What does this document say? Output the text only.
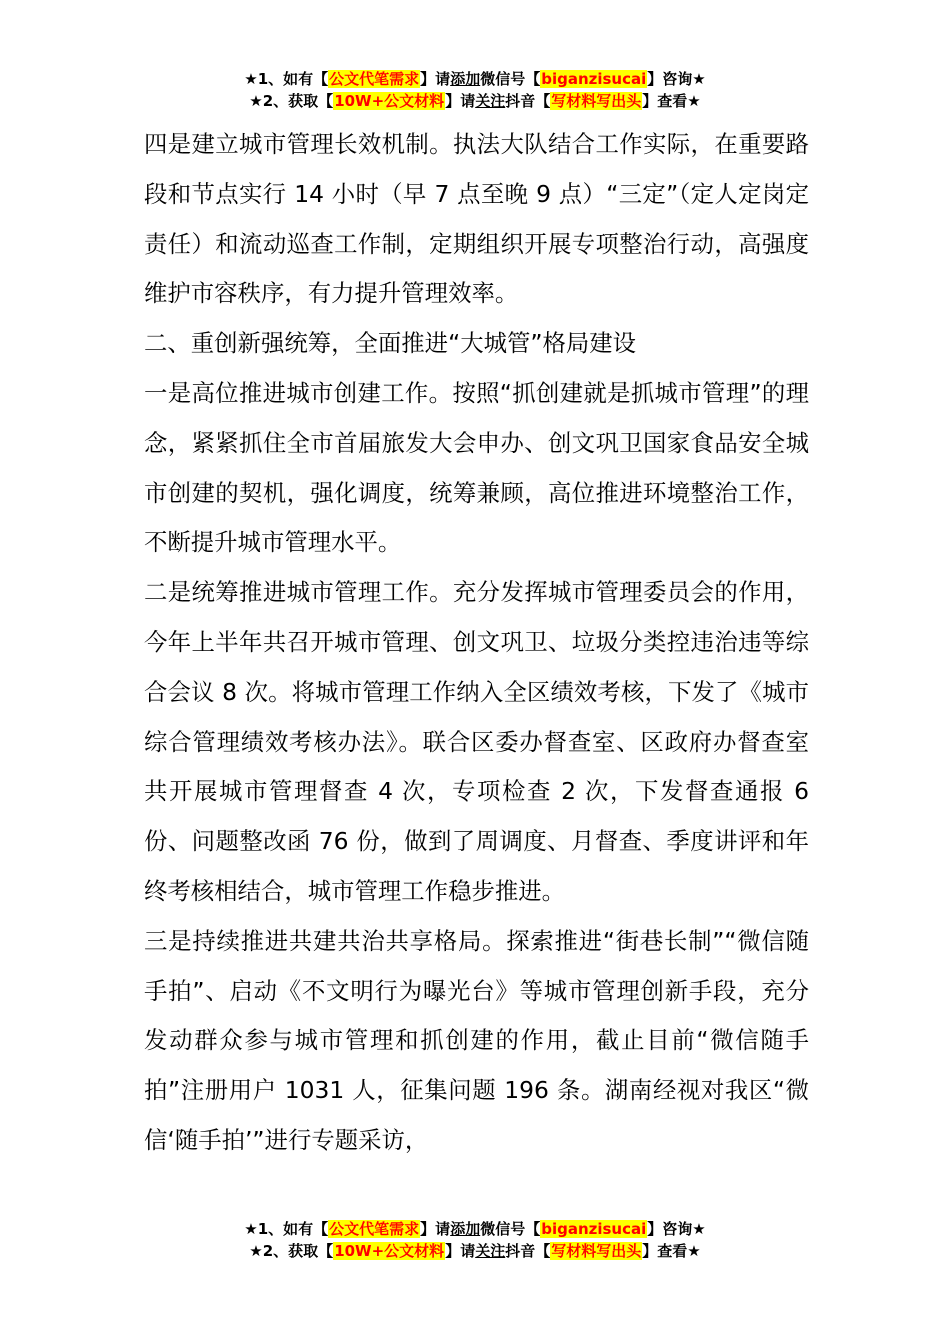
★1、如有【公文代笔需求】请添加微信号【biganzisucai】咨询★
★2、获取【10W+公文材料】请关注抖音【写材料写出头】查看★

四是建立城市管理长效机制。执法大队结合工作实际，在重要路段和节点实行 14 小时（早 7 点至晚 9 点）“三定”（定人定岗定责任）和流动巡查工作制，定期组织开展专项整治行动，高强度维护市容秩序，有力提升管理效率。

二、重创新强统筹，全面推进“大城管”格局建设

一是高位推进城市创建工作。按照“抓创建就是抓城市管理”的理念，紧紧抓住全市首届旅发大会申办、创文巩卫国家食品安全城市创建的契机，强化调度，统筹兼顾，高位推进环境整治工作，不断提升城市管理水平。

二是统筹推进城市管理工作。充分发挥城市管理委员会的作用，今年上半年共召开城市管理、创文巩卫、垃圾分类控违治违等综合会议 8 次。将城市管理工作纳入全区绩效考核，下发了《城市综合管理绩效考核办法》。联合区委办督查室、区政府办督查室共开展城市管理督查 4 次，专项检查 2 次，下发督查通报 6 份、问题整改函 76 份，做到了周调度、月督查、季度讲评和年终考核相结合，城市管理工作稳步推进。

三是持续推进共建共治共享格局。探索推进“街巷长制”“微信随手拍”、启动《不文明行为曝光台》等城市管理创新手段，充分发动群众参与城市管理和抓创建的作用，截止目前“微信随手拍”注册用户 1031 人，征集问题 196 条。湖南经视对我区“微信‘随手拍’”进行专题采访，

★1、如有【公文代笔需求】请添加微信号【biganzisucai】咨询★
★2、获取【10W+公文材料】请关注抖音【写材料写出头】查看★
